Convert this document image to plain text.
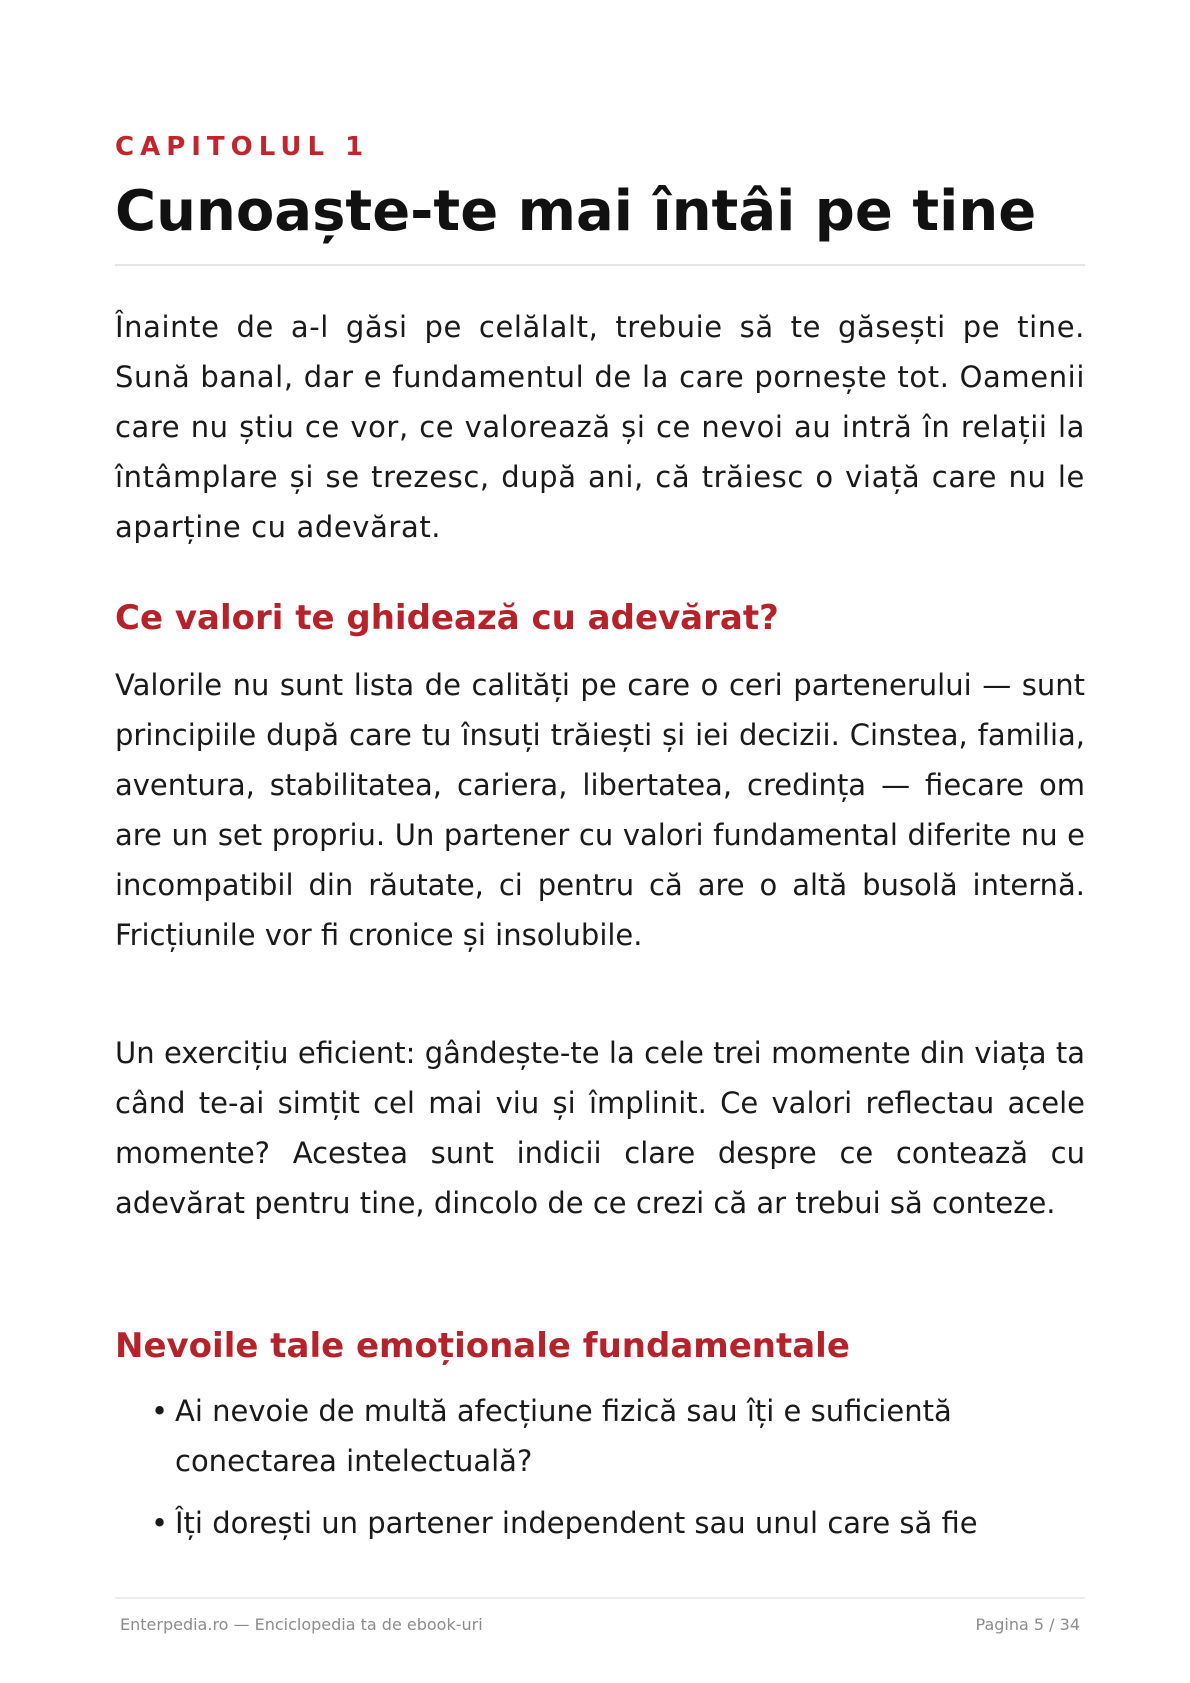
CAPITOLUL 1
Cunoaște-te mai întâi pe tine

Înainte de a-l găsi pe celălalt, trebuie să te găsești pe tine. Sună banal, dar e fundamentul de la care pornește tot. Oamenii care nu știu ce vor, ce valorează și ce nevoi au intră în relații la întâmplare și se trezesc, după ani, că trăiesc o viață care nu le aparține cu adevărat.

Ce valori te ghidează cu adevărat?

Valorile nu sunt lista de calități pe care o ceri partenerului — sunt principiile după care tu însuți trăiești și iei decizii. Cinstea, familia, aventura, stabilitatea, cariera, libertatea, credința — fiecare om are un set propriu. Un partener cu valori fundamental diferite nu e incompatibil din răutate, ci pentru că are o altă busolă internă. Fricțiunile vor fi cronice și insolubile.

Un exercițiu eficient: gândește-te la cele trei momente din viața ta când te-ai simțit cel mai viu și împlinit. Ce valori reflectau acele momente? Acestea sunt indicii clare despre ce contează cu adevărat pentru tine, dincolo de ce crezi că ar trebui să conteze.

Nevoile tale emoționale fundamentale
• Ai nevoie de multă afecțiune fizică sau îți e suficientă conectarea intelectuală?
• Îți dorești un partener independent sau unul care să fie
Enterpedia.ro — Enciclopedia ta de ebook-uri	Pagina 5 / 34
